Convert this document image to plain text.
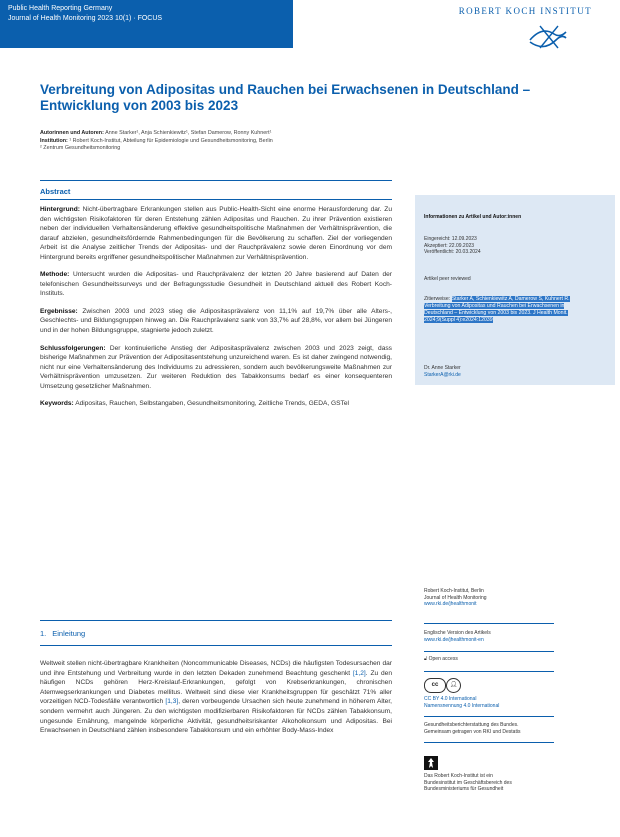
Public Health Reporting Germany
Journal of Health Monitoring 2023 10(1) · FOCUS
ROBERT KOCH INSTITUT
Verbreitung von Adipositas und Rauchen bei Erwachsenen in Deutschland – Entwicklung von 2003 bis 2023
Autorinnen und Autoren: Anne Starker¹, Anja Schienkiewitz¹, Stefan Damerow, Ronny Kuhnert¹
Institution: ¹ Robert Koch-Institut, Abteilung für Epidemiologie und Gesundheitsmonitoring, Berlin
² Zentrum Gesundheitsmonitoring
Abstract

Hintergrund: Nicht-übertragbare Erkrankungen stellen aus Public-Health-Sicht eine enorme Herausforderung dar. Zu den wichtigsten Risikofaktoren für deren Entstehung zählen Adipositas und Rauchen. Zu ihrer Prävention existieren neben der individuellen Verhaltensänderung effektive gesundheitspolitische Maßnahmen der Verhältnisprävention, die darauf abzielen, gesundheitsfördernde Rahmenbedingungen für die Bevölkerung zu schaffen. Ziel der vorliegenden Arbeit ist die Analyse zeitlicher Trends der Adipositas- und der Rauchprävalenz sowie deren Einordnung vor dem Hintergrund bereits ergriffener gesundheitspolitischer Maßnahmen zur Verhältnisprävention.

Methode: Untersucht wurden die Adipositas- und Rauchprävalenz der letzten 20 Jahre basierend auf Daten der telefonischen Gesundheitssurveys und der Befragungsstudie Gesundheit in Deutschland aktuell des Robert Koch-Instituts.

Ergebnisse: Zwischen 2003 und 2023 stieg die Adipositasprävalenz von 11,1% auf 19,7% über alle Alters-, Geschlechts- und Bildungsgruppen hinweg an. Die Rauchprävalenz sank von 33,7% auf 28,8%, vor allem bei Jüngeren und in der hohen Bildungsgruppe, stagnierte jedoch zuletzt.

Schlussfolgerungen: Der kontinuierliche Anstieg der Adipositasprävalenz zwischen 2003 und 2023 zeigt, dass bisherige Maßnahmen zur Prävention der Adipositasentstehung unzureichend waren. Es ist daher zwingend notwendig, nicht nur eine Verhaltensänderung des Individuums zu adressieren, sondern auch bevölkerungsweite Maßnahmen zur Verhältnisprävention umzusetzen. Zur weiteren Reduktion des Tabakkonsums bedarf es einer konsequenteren Umsetzung gesetzlicher Maßnahmen.

Keywords: Adipositas, Rauchen, Selbstangaben, Gesundheitsmonitoring, Zeitliche Trends, GEDA, GSTel

1. Einleitung
Weltweit stellen nicht-übertragbare Krankheiten (Noncommunicable Diseases, NCDs) die häufigsten Todesursachen dar und ihre Entstehung und Verbreitung wurde in den letzten Dekaden zunehmend Beachtung geschenkt [1,2]. Zu den häufigen NCDs gehören Herz-Kreislauf-Erkrankungen, gefolgt von Krebserkrankungen, chronischen Atemwegserkrankungen und Diabetes mellitus. Weltweit sind diese vier Krankheitsgruppen für geschätzt 71% aller vorzeitigen NCD-Todesfälle verantwortlich [1,3], deren vorbeugende Ursachen sich heute zunehmend in höherem Alter, sondern vermehrt auch Jüngeren. Zu den wichtigsten modifizierbaren Risikofaktoren für NCDs zählen Tabakkonsum, ungesunde Ernährung, mangelnde körperliche Aktivität, gesundheitsriskanter Alkoholkonsum und Adipositas. Bei Erwachsenen in Deutschland zählen insbesondere Tabakkonsum und ein erhöhter Body-Mass-Index
Informationen zu Artikel und Autor:innen
Eingereicht: 12.09.2023
Akzeptiert: 22.09.2023
Veröffentlicht: 20.03.2024
Artikel peer reviewed
Zitierweise: Starker A, Schienkiewitz A, Damerow S, Kuhnert R. Verbreitung von Adipositas und Rauchen bei Erwachsenen in Deutschland – Entwicklung von 2003 bis 2023. J Health Monit. 2024;9(Suppl 4):e2024:12039
Dr. Anne Starker
StarkerA@rki.de
Robert Koch-Institut, Berlin
Journal of Health Monitoring
www.rki.de/jhealthmonit
Englische Version des Artikels
www.rki.de/jhealthmonit-en
🔓︎ Open access
cc	👤︎
CC BY 4.0 International
Namensnennung 4.0 International
Gesundheitsberichterstattung des Bundes.
Gemeinsam getragen von RKI und Destatis
Das Robert Koch-Institut ist ein
Bundesinstitut im Geschäftsbereich des
Bundesministeriums für Gesundheit
